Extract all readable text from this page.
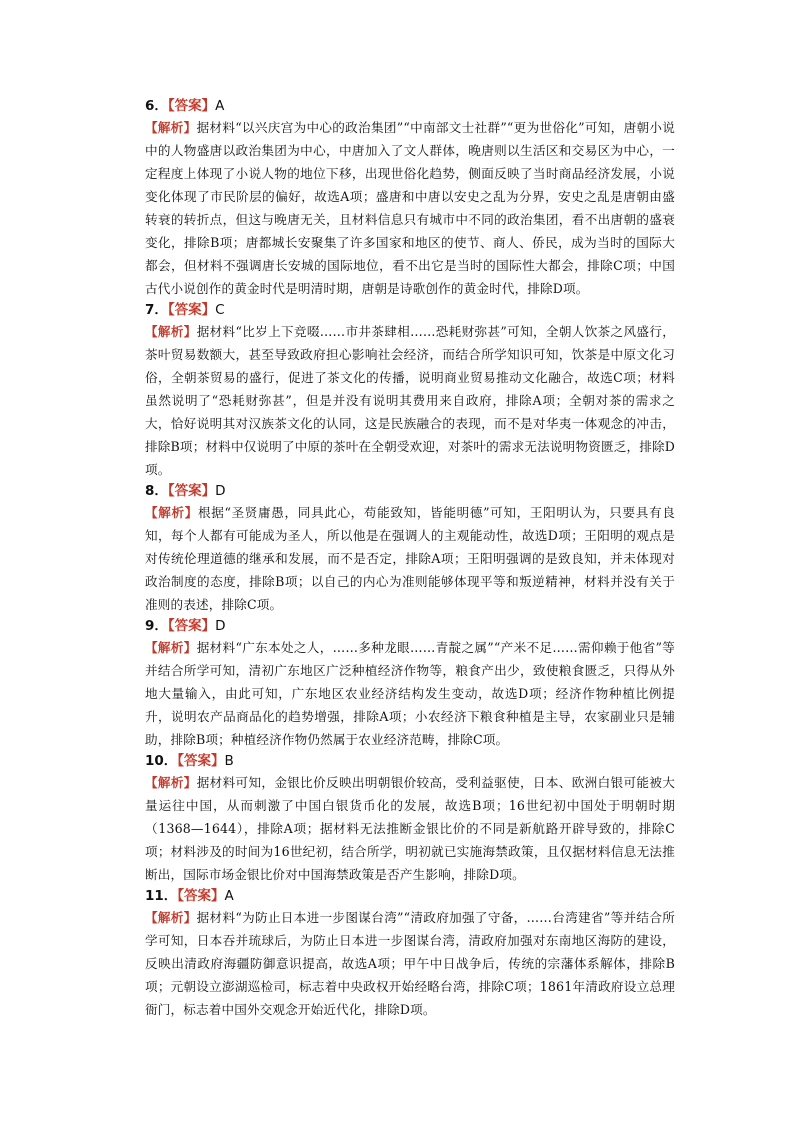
6．【答案】A
【解析】据材料“以兴庆宫为中心的政治集团”“中南部文士社群”“更为世俗化”可知，唐朝小说中的人物盛唐以政治集团为中心，中唐加入了文人群体，晚唐则以生活区和交易区为中心，一定程度上体现了小说人物的地位下移，出现世俗化趋势，侧面反映了当时商品经济发展，小说变化体现了市民阶层的偏好，故选A项；盛唐和中唐以安史之乱为分界，安史之乱是唐朝由盛转衰的转折点，但这与晚唐无关，且材料信息只有城市中不同的政治集团，看不出唐朝的盛衰变化，排除B项；唐都城长安聚集了许多国家和地区的使节、商人、侨民，成为当时的国际大都会，但材料不强调唐长安城的国际地位，看不出它是当时的国际性大都会，排除C项；中国古代小说创作的黄金时代是明清时期，唐朝是诗歌创作的黄金时代，排除D项。
7．【答案】C
【解析】据材料“比岁上下竞啜……市井茶肆相……恐耗财弥甚”可知，全朝人饮茶之风盛行，茶叶贸易数额大，甚至导致政府担心影响社会经济，而结合所学知识可知，饮茶是中原文化习俗，全朝茶贸易的盛行，促进了茶文化的传播，说明商业贸易推动文化融合，故选C项；材料虽然说明了“恐耗财弥甚”，但是并没有说明其费用来自政府，排除A项；全朝对茶的需求之大，恰好说明其对汉族茶文化的认同，这是民族融合的表现，而不是对华夷一体观念的冲击，排除B项；材料中仅说明了中原的茶叶在全朝受欢迎，对茶叶的需求无法说明物资匮乏，排除D项。
8．【答案】D
【解析】根据“圣贤庸愚，同具此心，苟能致知，皆能明德”可知，王阳明认为，只要具有良知，每个人都有可能成为圣人，所以他是在强调人的主观能动性，故选D项；王阳明的观点是对传统伦理道德的继承和发展，而不是否定，排除A项；王阳明强调的是致良知，并未体现对政治制度的态度，排除B项；以自己的内心为准则能够体现平等和叛逆精神，材料并没有关于准则的表述，排除C项。
9．【答案】D
【解析】据材料“广东本处之人，……多种龙眼……青靛之属”“产米不足……需仰赖于他省”等并结合所学可知，清初广东地区广泛种植经济作物等，粮食产出少，致使粮食匮乏，只得从外地大量输入，由此可知，广东地区农业经济结构发生变动，故选D项；经济作物种植比例提升，说明农产品商品化的趋势增强，排除A项；小农经济下粮食种植是主导，农家副业只是辅助，排除B项；种植经济作物仍然属于农业经济范畴，排除C项。
10．【答案】B
【解析】据材料可知，金银比价反映出明朝银价较高，受利益驱使，日本、欧洲白银可能被大量运往中国，从而刺激了中国白银货币化的发展，故选B项；16世纪初中国处于明朝时期（1368—1644），排除A项；据材料无法推断金银比价的不同是新航路开辟导致的，排除C项；材料涉及的时间为16世纪初，结合所学，明初就已实施海禁政策，且仅据材料信息无法推断出，国际市场金银比价对中国海禁政策是否产生影响，排除D项。
11．【答案】A
【解析】据材料“为防止日本进一步图谋台湾”“清政府加强了守备，……台湾建省”等并结合所学可知，日本吞并琉球后，为防止日本进一步图谋台湾，清政府加强对东南地区海防的建设，反映出清政府海疆防御意识提高，故选A项；甲午中日战争后，传统的宗藩体系解体，排除B项；元朝设立澎湖巡检司，标志着中央政权开始经略台湾，排除C项；1861年清政府设立总理衙门，标志着中国外交观念开始近代化，排除D项。
